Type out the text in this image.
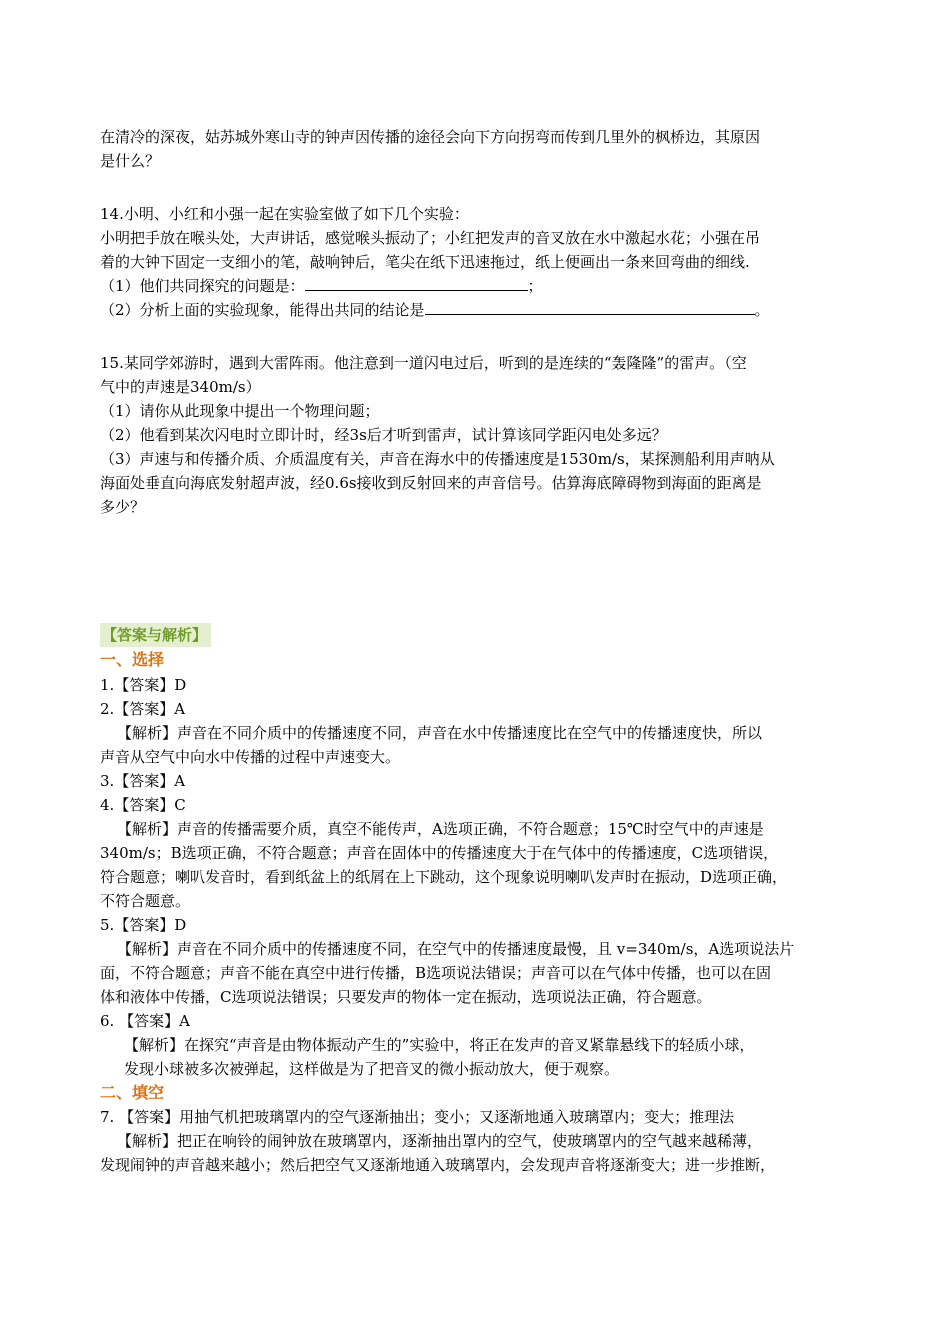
在清冷的深夜，姑苏城外寒山寺的钟声因传播的途径会向下方向拐弯而传到几里外的枫桥边，其原因
是什么？
14.小明、小红和小强一起在实验室做了如下几个实验：
小明把手放在喉头处，大声讲话，感觉喉头振动了；小红把发声的音叉放在水中激起水花；小强在吊
着的大钟下固定一支细小的笔，敲响钟后，笔尖在纸下迅速拖过，纸上便画出一条来回弯曲的细线.
（1）他们共同探究的问题是：	；
（2）分析上面的实验现象，能得出共同的结论是	。
15.某同学郊游时，遇到大雷阵雨。他注意到一道闪电过后，听到的是连续的“轰隆隆”的雷声。（空
气中的声速是340m/s）
（1）请你从此现象中提出一个物理问题；
（2）他看到某次闪电时立即计时，经3s后才听到雷声，试计算该同学距闪电处多远？
（3）声速与和传播介质、介质温度有关，声音在海水中的传播速度是1530m/s，某探测船利用声呐从
海面处垂直向海底发射超声波，经0.6s接收到反射回来的声音信号。估算海底障碍物到海面的距离是
多少？
【答案与解析】
一、选择
1.【答案】D
2.【答案】A
【解析】声音在不同介质中的传播速度不同，声音在水中传播速度比在空气中的传播速度快，所以
声音从空气中向水中传播的过程中声速变大。
3.【答案】A
4.【答案】C
【解析】声音的传播需要介质，真空不能传声，A选项正确，不符合题意；15℃时空气中的声速是
340m/s；B选项正确，不符合题意；声音在固体中的传播速度大于在气体中的传播速度，C选项错误，
符合题意；喇叭发音时，看到纸盆上的纸屑在上下跳动，这个现象说明喇叭发声时在振动，D选项正确，
不符合题意。
5.【答案】D
【解析】声音在不同介质中的传播速度不同，在空气中的传播速度最慢，且 v=340m/s，A选项说法片
面，不符合题意；声音不能在真空中进行传播，B选项说法错误；声音可以在气体中传播，也可以在固
体和液体中传播，C选项说法错误；只要发声的物体一定在振动，选项说法正确，符合题意。
6. 【答案】A
【解析】在探究“声音是由物体振动产生的”实验中，将正在发声的音叉紧靠悬线下的轻质小球，
发现小球被多次被弹起，这样做是为了把音叉的微小振动放大，便于观察。
二、填空
7. 【答案】用抽气机把玻璃罩内的空气逐渐抽出；变小；又逐渐地通入玻璃罩内；变大；推理法
【解析】把正在响铃的闹钟放在玻璃罩内，逐渐抽出罩内的空气，使玻璃罩内的空气越来越稀薄，
发现闹钟的声音越来越小；然后把空气又逐渐地通入玻璃罩内，会发现声音将逐渐变大；进一步推断，
